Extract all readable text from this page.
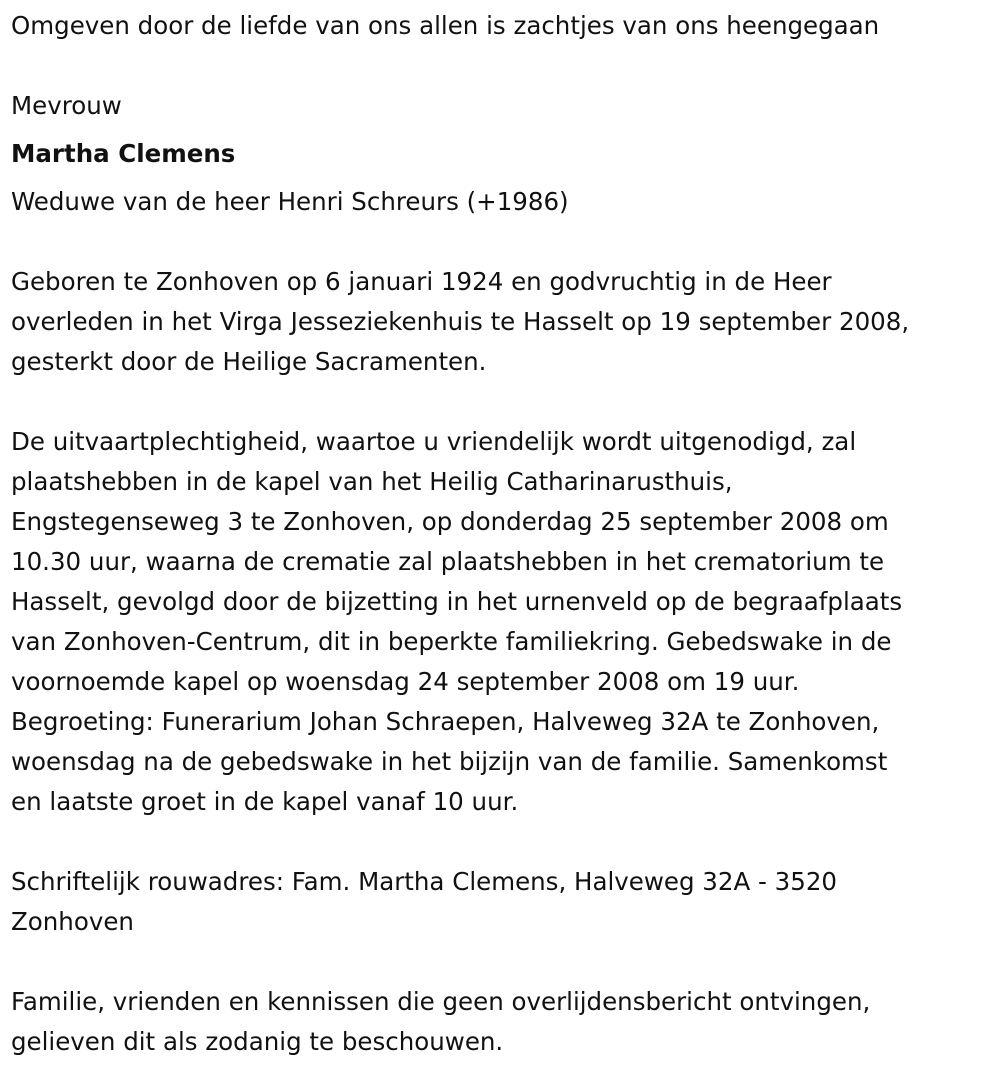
Omgeven door de liefde van ons allen is zachtjes van ons heengegaan
Mevrouw
Martha Clemens
Weduwe van de heer Henri Schreurs (+1986)
Geboren te Zonhoven op 6 januari 1924 en godvruchtig in de Heer
overleden in het Virga Jesseziekenhuis te Hasselt op 19 september 2008,
gesterkt door de Heilige Sacramenten.
De uitvaartplechtigheid, waartoe u vriendelijk wordt uitgenodigd, zal
plaatshebben in de kapel van het Heilig Catharinarusthuis,
Engstegenseweg 3 te Zonhoven, op donderdag 25 september 2008 om
10.30 uur, waarna de crematie zal plaatshebben in het crematorium te
Hasselt, gevolgd door de bijzetting in het urnenveld op de begraafplaats
van Zonhoven-Centrum, dit in beperkte familiekring. Gebedswake in de
voornoemde kapel op woensdag 24 september 2008 om 19 uur.
Begroeting: Funerarium Johan Schraepen, Halveweg 32A te Zonhoven,
woensdag na de gebedswake in het bijzijn van de familie. Samenkomst
en laatste groet in de kapel vanaf 10 uur.
Schriftelijk rouwadres: Fam. Martha Clemens, Halveweg 32A - 3520
Zonhoven
Familie, vrienden en kennissen die geen overlijdensbericht ontvingen,
gelieven dit als zodanig te beschouwen.
